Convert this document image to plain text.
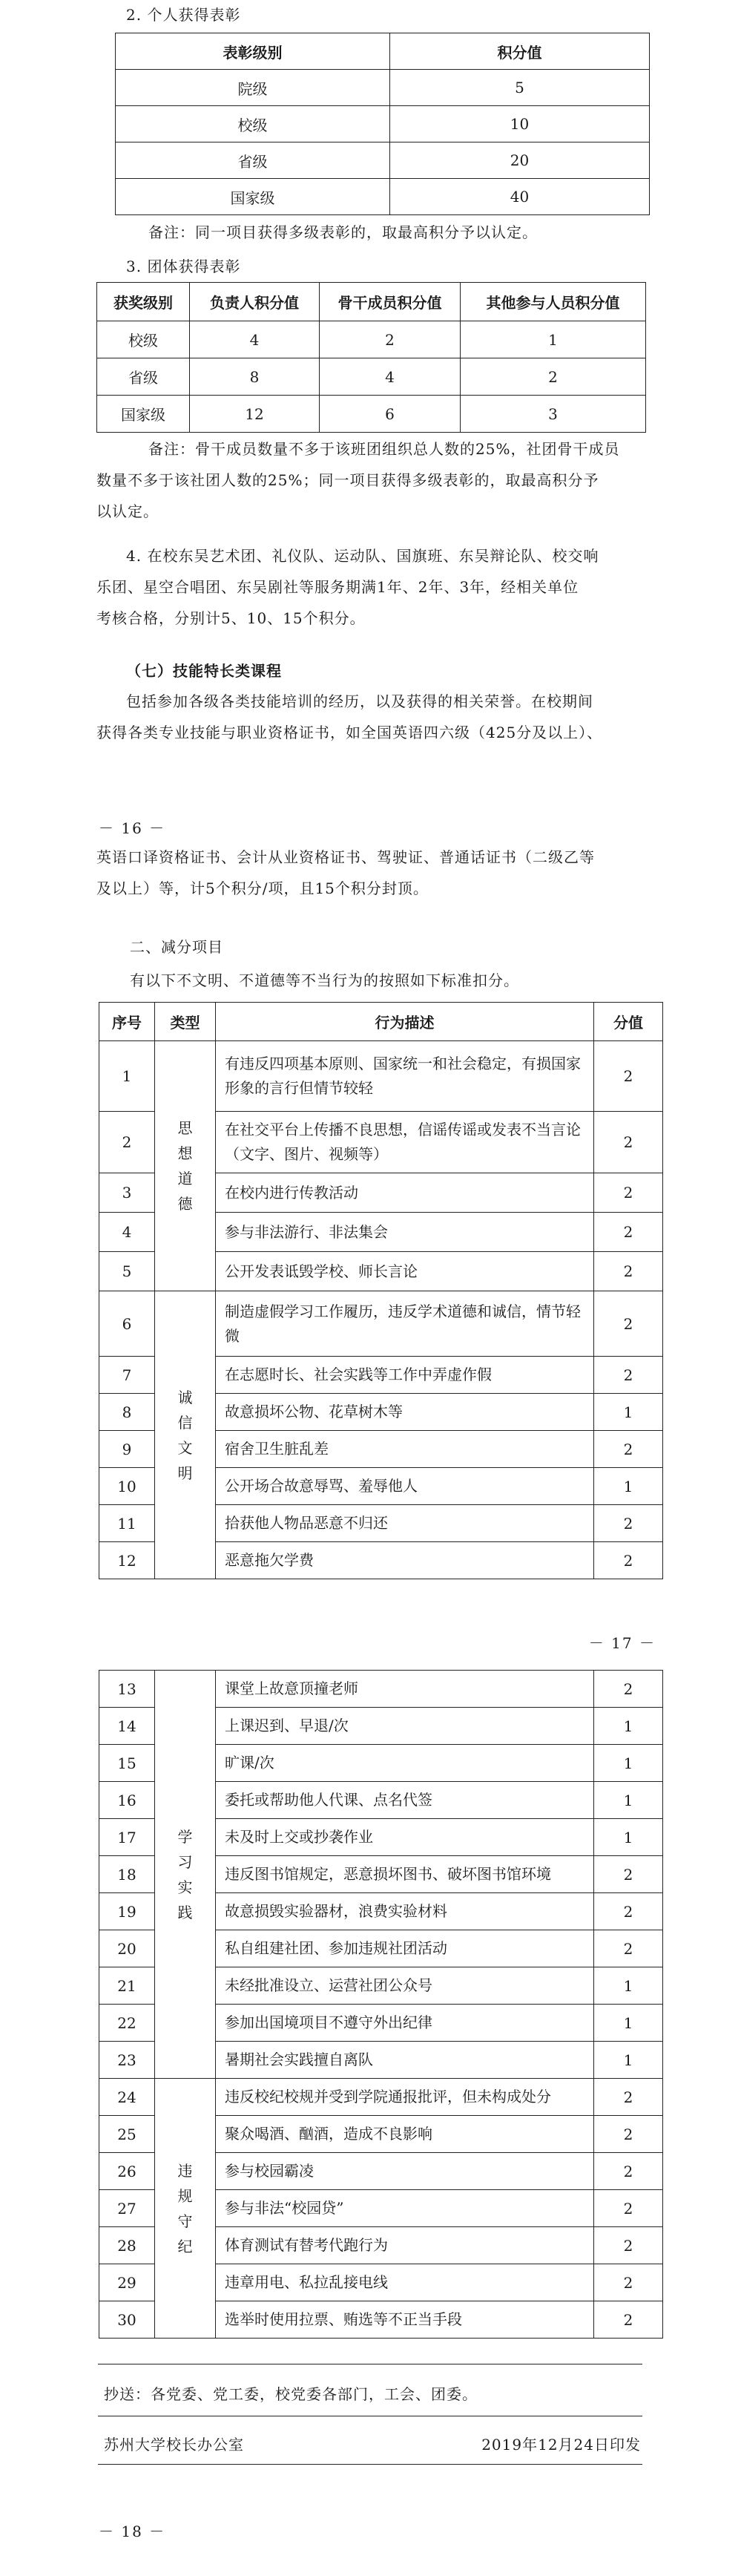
2. 个人获得表彰
表彰级别	积分值
院级	5
校级	10
省级	20
国家级	40
备注：同一项目获得多级表彰的，取最高积分予以认定。
3. 团体获得表彰
获奖级别	负责人积分值	骨干成员积分值	其他参与人员积分值
校级	4	2	1
省级	8	4	2
国家级	12	6	3
备注：骨干成员数量不多于该班团组织总人数的25%，社团骨干成员
数量不多于该社团人数的25%；同一项目获得多级表彰的，取最高积分予
以认定。
4. 在校东吴艺术团、礼仪队、运动队、国旗班、东吴辩论队、校交响
乐团、星空合唱团、东吴剧社等服务期满1年、2年、3年，经相关单位
考核合格，分别计5、10、15个积分。
（七）技能特长类课程
包括参加各级各类技能培训的经历，以及获得的相关荣誉。在校期间
获得各类专业技能与职业资格证书，如全国英语四六级（425分及以上）、
－ 16 －
英语口译资格证书、会计从业资格证书、驾驶证、普通话证书（二级乙等
及以上）等，计5个积分/项，且15个积分封顶。
二、减分项目
有以下不文明、不道德等不当行为的按照如下标准扣分。
序号	类型	行为描述	分值
1	思想道德	有违反四项基本原则、国家统一和社会稳定，有损国家形象的言行但情节较轻	2
2		在社交平台上传播不良思想，信谣传谣或发表不当言论（文字、图片、视频等）	2
3		在校内进行传教活动	2
4		参与非法游行、非法集会	2
5		公开发表诋毁学校、师长言论	2
6	诚信文明	制造虚假学习工作履历，违反学术道德和诚信，情节轻微	2
7		在志愿时长、社会实践等工作中弄虚作假	2
8		故意损坏公物、花草树木等	1
9		宿舍卫生脏乱差	2
10		公开场合故意辱骂、羞辱他人	1
11		拾获他人物品恶意不归还	2
12		恶意拖欠学费	2
－ 17 －
13	学习实践	课堂上故意顶撞老师	2
14		上课迟到、早退/次	1
15		旷课/次	1
16		委托或帮助他人代课、点名代签	1
17		未及时上交或抄袭作业	1
18		违反图书馆规定，恶意损坏图书、破坏图书馆环境	2
19		故意损毁实验器材，浪费实验材料	2
20		私自组建社团、参加违规社团活动	2
21		未经批准设立、运营社团公众号	1
22		参加出国境项目不遵守外出纪律	1
23		暑期社会实践擅自离队	1
24	违规守纪	违反校纪校规并受到学院通报批评，但未构成处分	2
25		聚众喝酒、酗酒，造成不良影响	2
26		参与校园霸凌	2
27		参与非法“校园贷”	2
28		体育测试有替考代跑行为	2
29		违章用电、私拉乱接电线	2
30		选举时使用拉票、贿选等不正当手段	2
抄送：各党委、党工委，校党委各部门，工会、团委。
苏州大学校长办公室	2019年12月24日印发
－ 18 －
